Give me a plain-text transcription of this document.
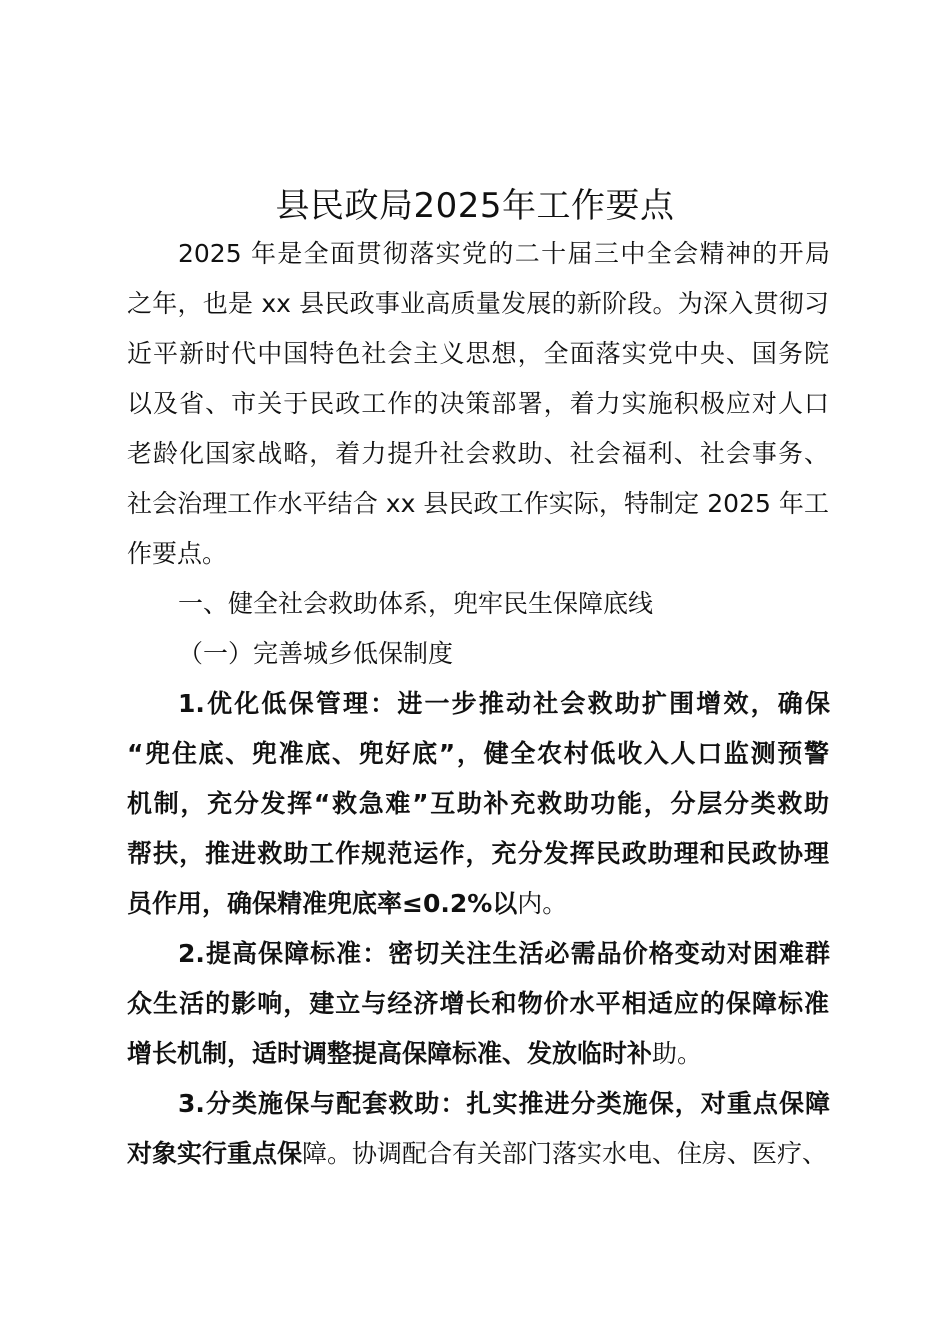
县民政局2025年工作要点
2025 年是全面贯彻落实党的二十届三中全会精神的开局
之年，也是 xx 县民政事业高质量发展的新阶段。为深入贯彻习
近平新时代中国特色社会主义思想，全面落实党中央、国务院
以及省、市关于民政工作的决策部署，着力实施积极应对人口
老龄化国家战略，着力提升社会救助、社会福利、社会事务、
社会治理工作水平结合 xx 县民政工作实际，特制定 2025 年工
作要点。
一、健全社会救助体系，兜牢民生保障底线
（一）完善城乡低保制度
1.优化低保管理：进一步推动社会救助扩围增效，确保
“兜住底、兜准底、兜好底”，健全农村低收入人口监测预警
机制，充分发挥“救急难”互助补充救助功能，分层分类救助
帮扶，推进救助工作规范运作，充分发挥民政助理和民政协理
员作用，确保精准兜底率≤0.2%以内。
2.提高保障标准：密切关注生活必需品价格变动对困难群
众生活的影响，建立与经济增长和物价水平相适应的保障标准
增长机制，适时调整提高保障标准、发放临时补助。
3.分类施保与配套救助：扎实推进分类施保，对重点保障
对象实行重点保障。协调配合有关部门落实水电、住房、医疗、
